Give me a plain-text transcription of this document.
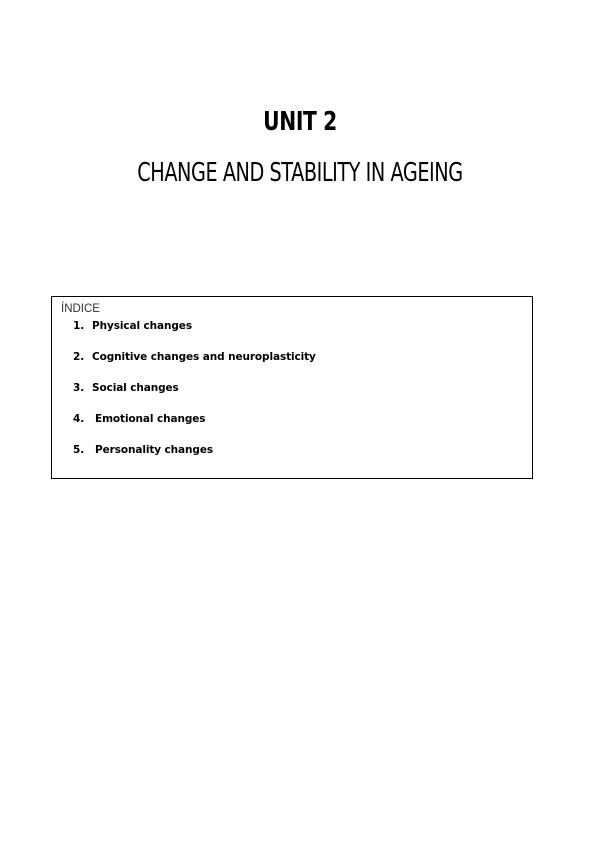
UNIT 2
CHANGE AND STABILITY IN AGEING
ÍNDICE
1. Physical changes
2. Cognitive changes and neuroplasticity
3. Social changes
4.	Emotional changes
5.	Personality changes
